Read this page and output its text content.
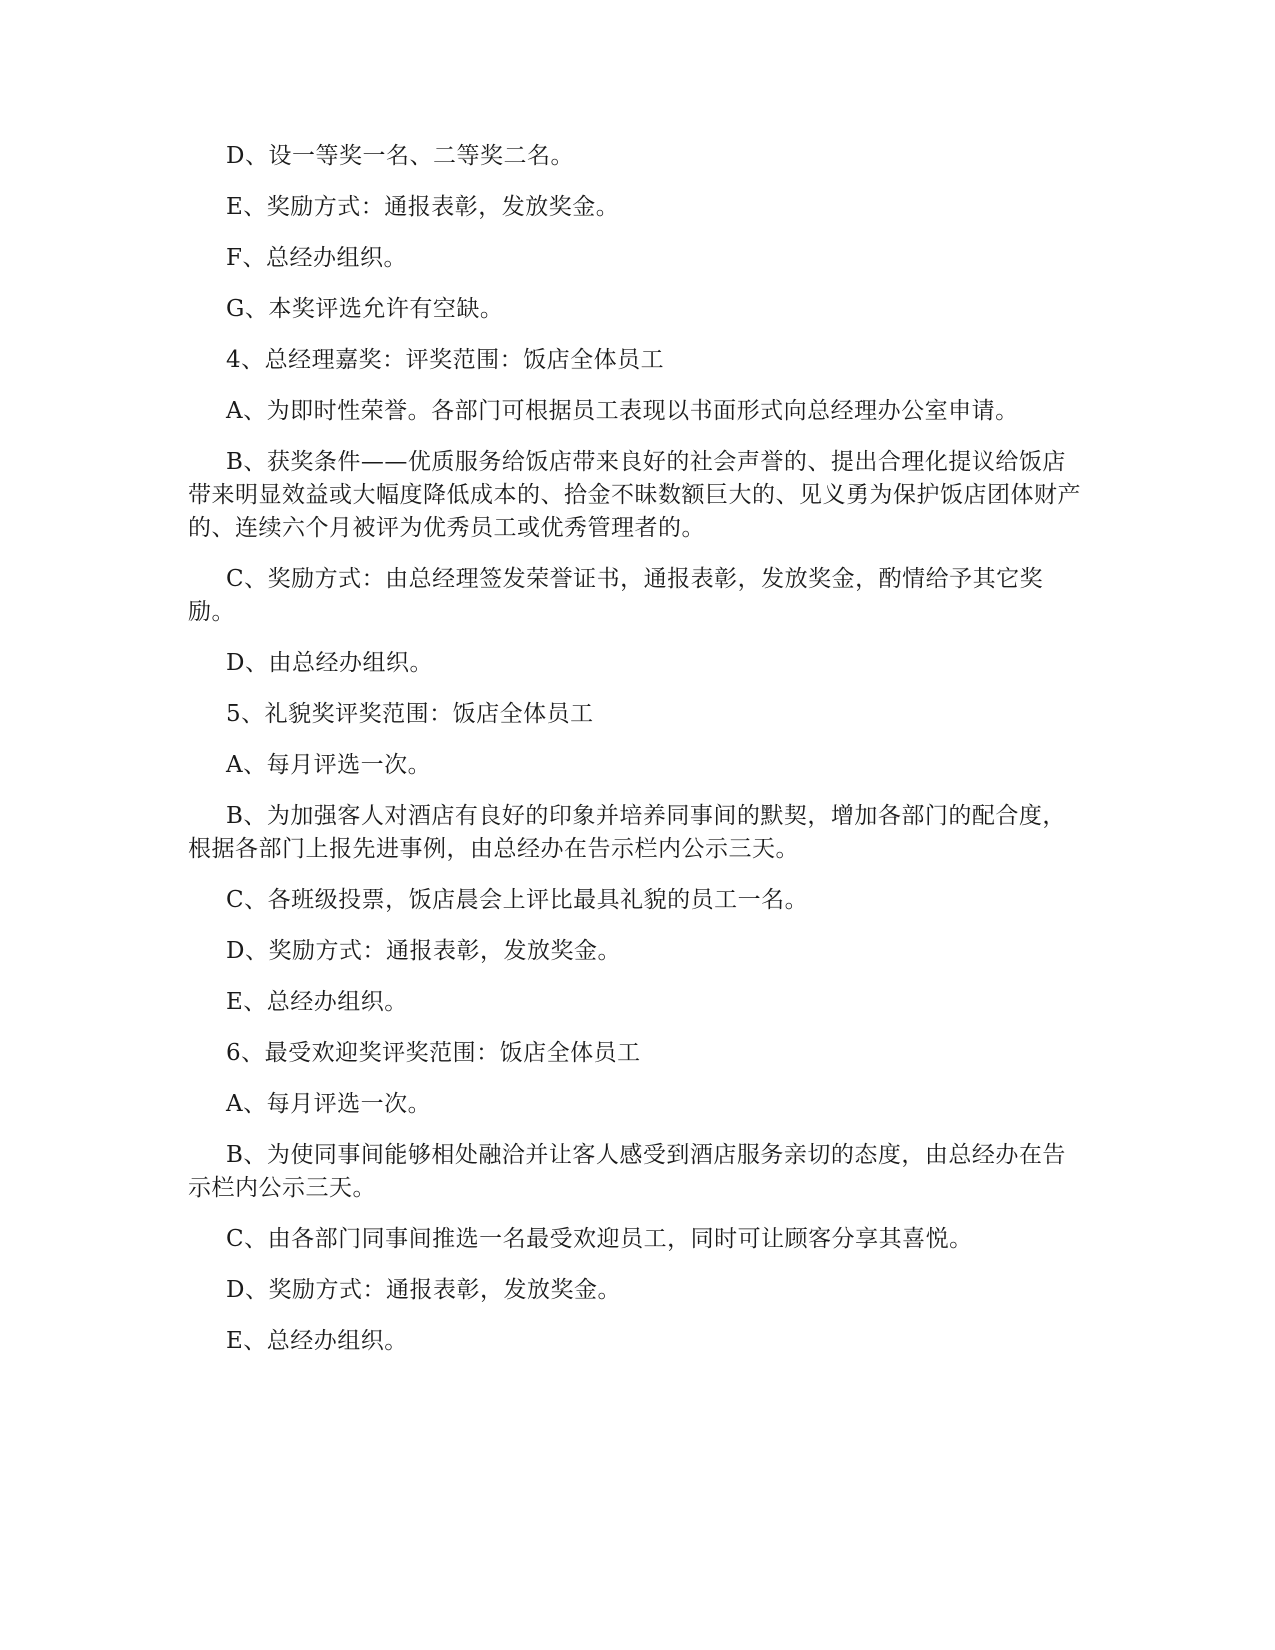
D、设一等奖一名、二等奖二名。

E、奖励方式：通报表彰，发放奖金。

F、总经办组织。

G、本奖评选允许有空缺。

4、总经理嘉奖：评奖范围：饭店全体员工

A、为即时性荣誉。各部门可根据员工表现以书面形式向总经理办公室申请。

B、获奖条件——优质服务给饭店带来良好的社会声誉的、提出合理化提议给饭店带来明显效益或大幅度降低成本的、拾金不昧数额巨大的、见义勇为保护饭店团体财产的、连续六个月被评为优秀员工或优秀管理者的。

C、奖励方式：由总经理签发荣誉证书，通报表彰，发放奖金，酌情给予其它奖励。

D、由总经办组织。

5、礼貌奖评奖范围：饭店全体员工

A、每月评选一次。

B、为加强客人对酒店有良好的印象并培养同事间的默契，增加各部门的配合度，根据各部门上报先进事例，由总经办在告示栏内公示三天。

C、各班级投票，饭店晨会上评比最具礼貌的员工一名。

D、奖励方式：通报表彰，发放奖金。

E、总经办组织。

6、最受欢迎奖评奖范围：饭店全体员工

A、每月评选一次。

B、为使同事间能够相处融洽并让客人感受到酒店服务亲切的态度，由总经办在告示栏内公示三天。

C、由各部门同事间推选一名最受欢迎员工，同时可让顾客分享其喜悦。

D、奖励方式：通报表彰，发放奖金。

E、总经办组织。
